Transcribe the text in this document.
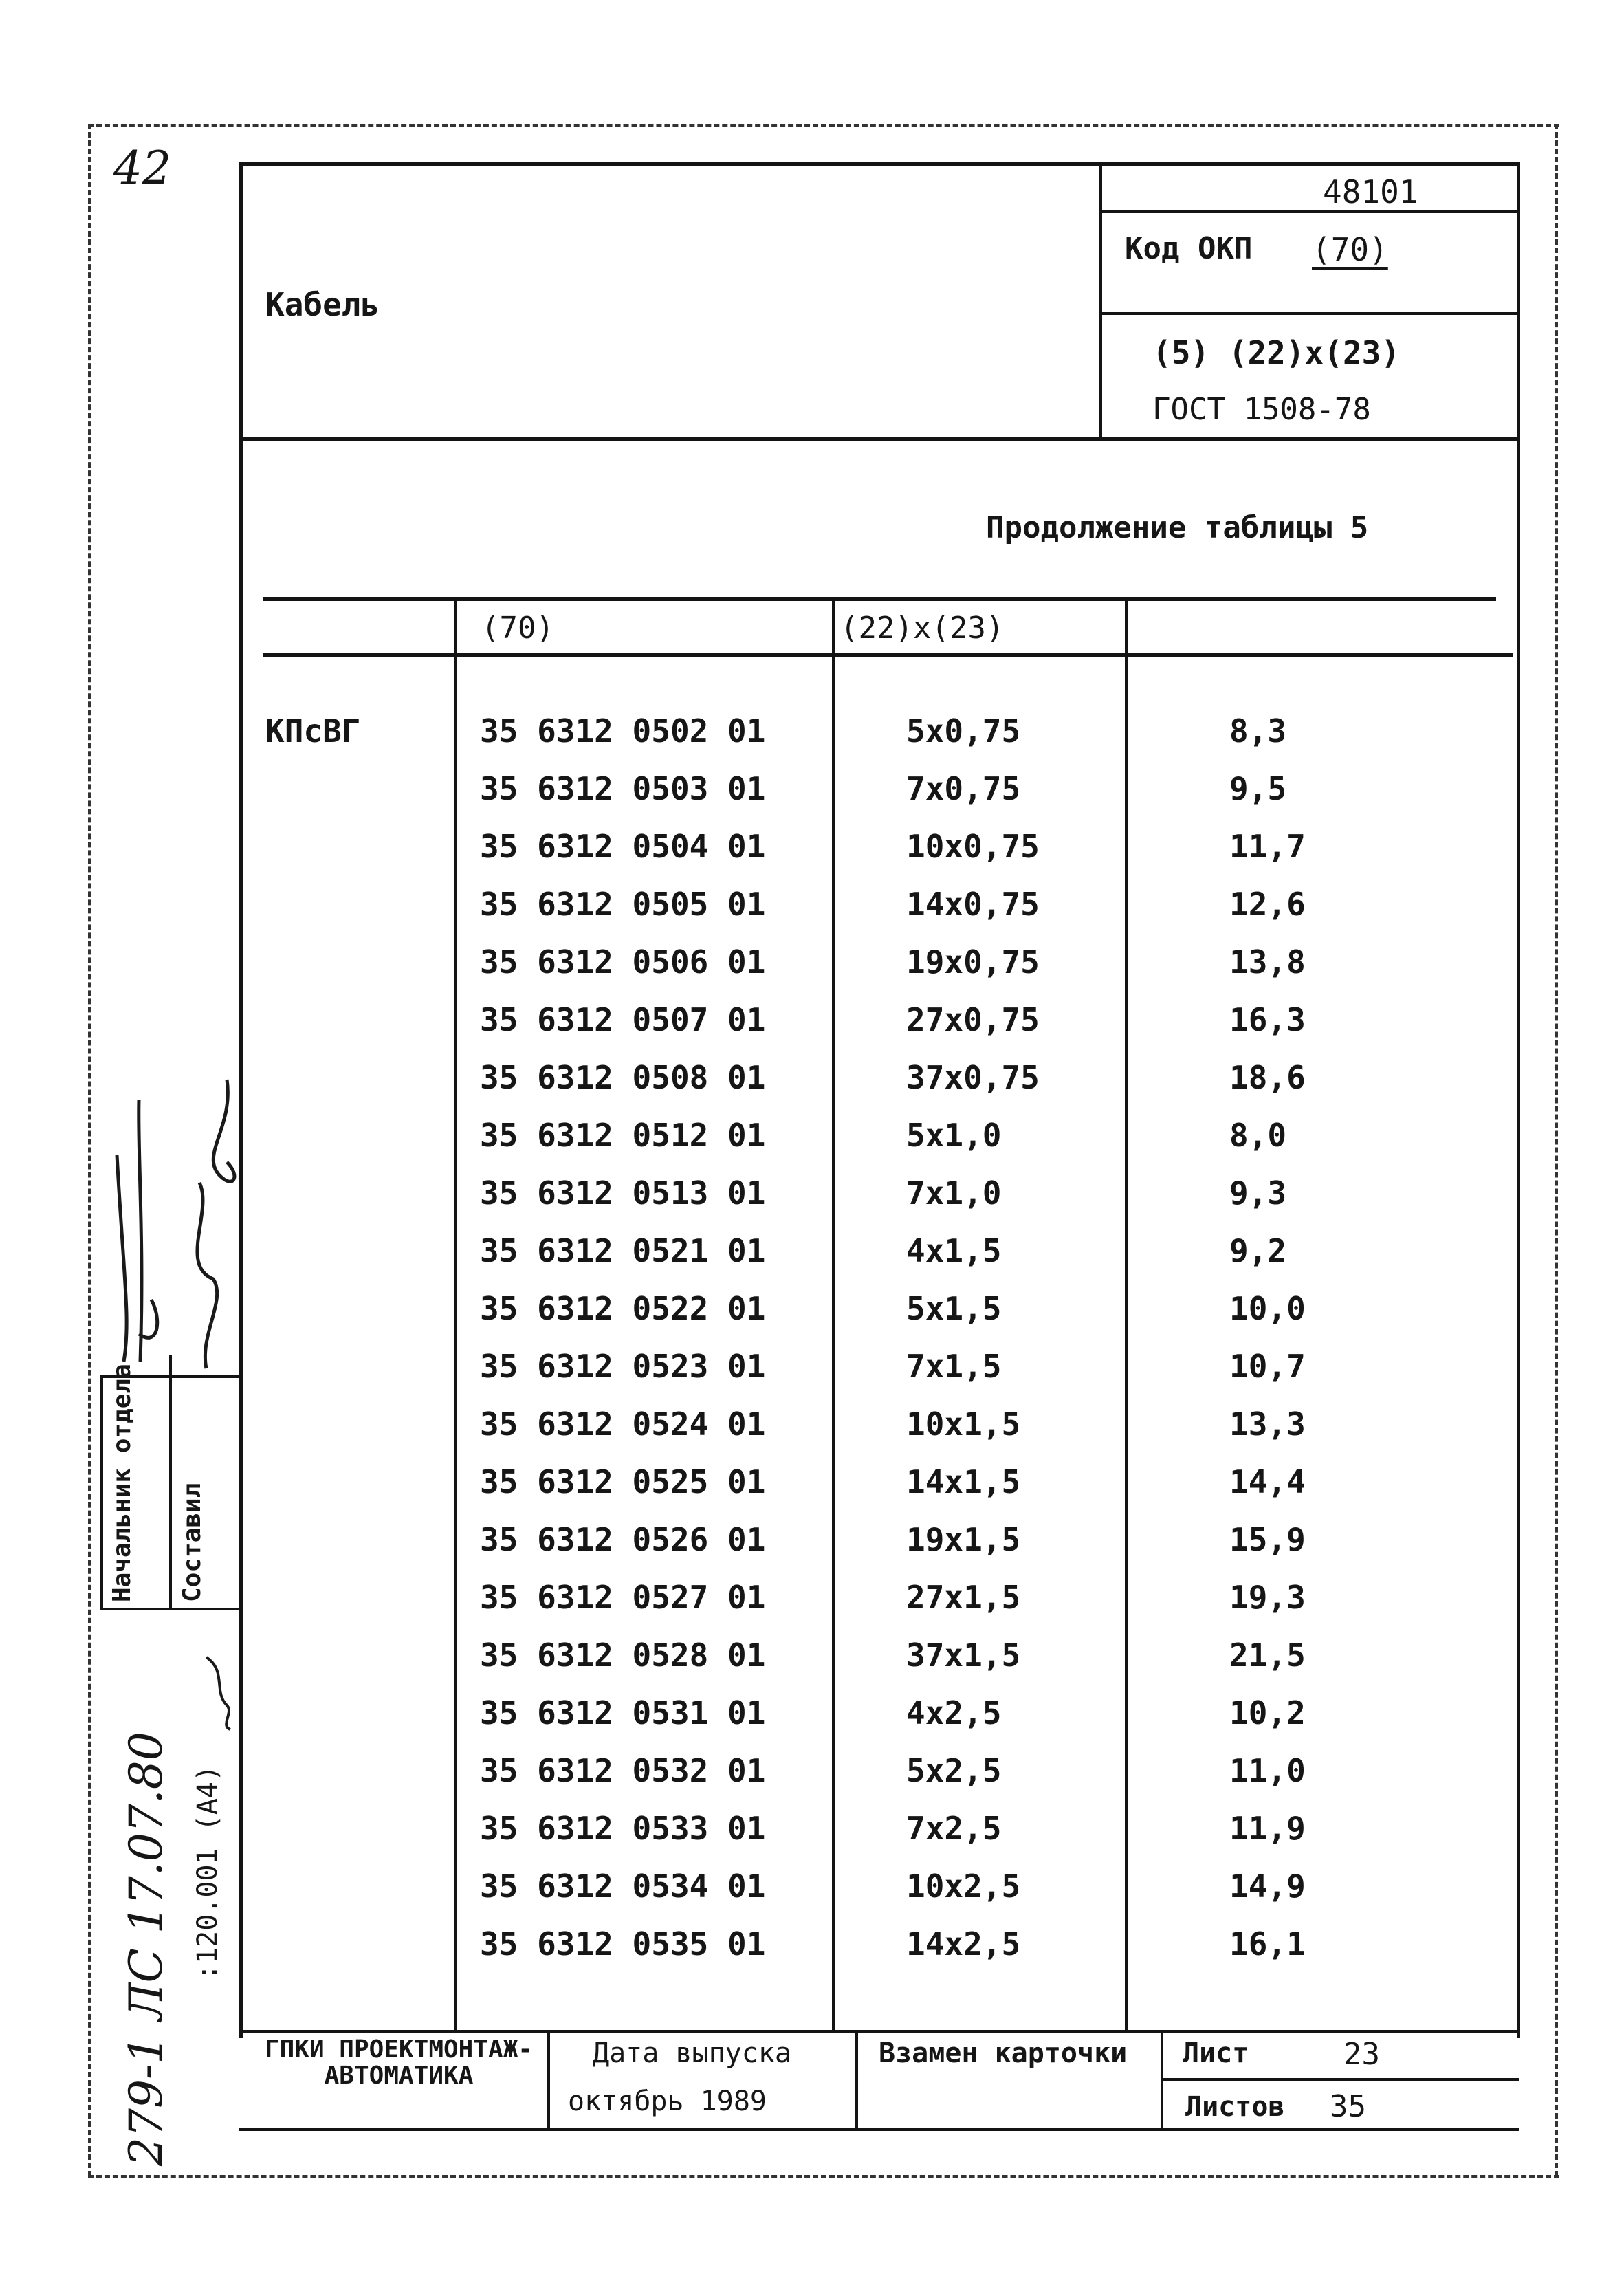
42
Кабель
48101
Код ОКП (70)
(5) (22)x(23)
ГОСТ 1508-78
Продолжение таблицы 5
(70)	(22)x(23)
КПсВГ	35 6312 0502 01	5x0,75	8,3
35 6312 0503 01	7x0,75	9,5
35 6312 0504 01	10x0,75	11,7
35 6312 0505 01	14x0,75	12,6
35 6312 0506 01	19x0,75	13,8
35 6312 0507 01	27x0,75	16,3
35 6312 0508 01	37x0,75	18,6
35 6312 0512 01	5x1,0	8,0
35 6312 0513 01	7x1,0	9,3
35 6312 0521 01	4x1,5	9,2
35 6312 0522 01	5x1,5	10,0
35 6312 0523 01	7x1,5	10,7
35 6312 0524 01	10x1,5	13,3
35 6312 0525 01	14x1,5	14,4
35 6312 0526 01	19x1,5	15,9
35 6312 0527 01	27x1,5	19,3
35 6312 0528 01	37x1,5	21,5
35 6312 0531 01	4x2,5	10,2
35 6312 0532 01	5x2,5	11,0
35 6312 0533 01	7x2,5	11,9
35 6312 0534 01	10x2,5	14,9
35 6312 0535 01	14x2,5	16,1
Начальник отдела Составил
:120.001 (A4)
279-1 ЛС 17.07.80	ГПКИ ПРОЕКТМОНТАЖ-АВТОМАТИКА
Дата выпуска
октябрь 1989
Взамен карточки Лист	23
Листов 35
